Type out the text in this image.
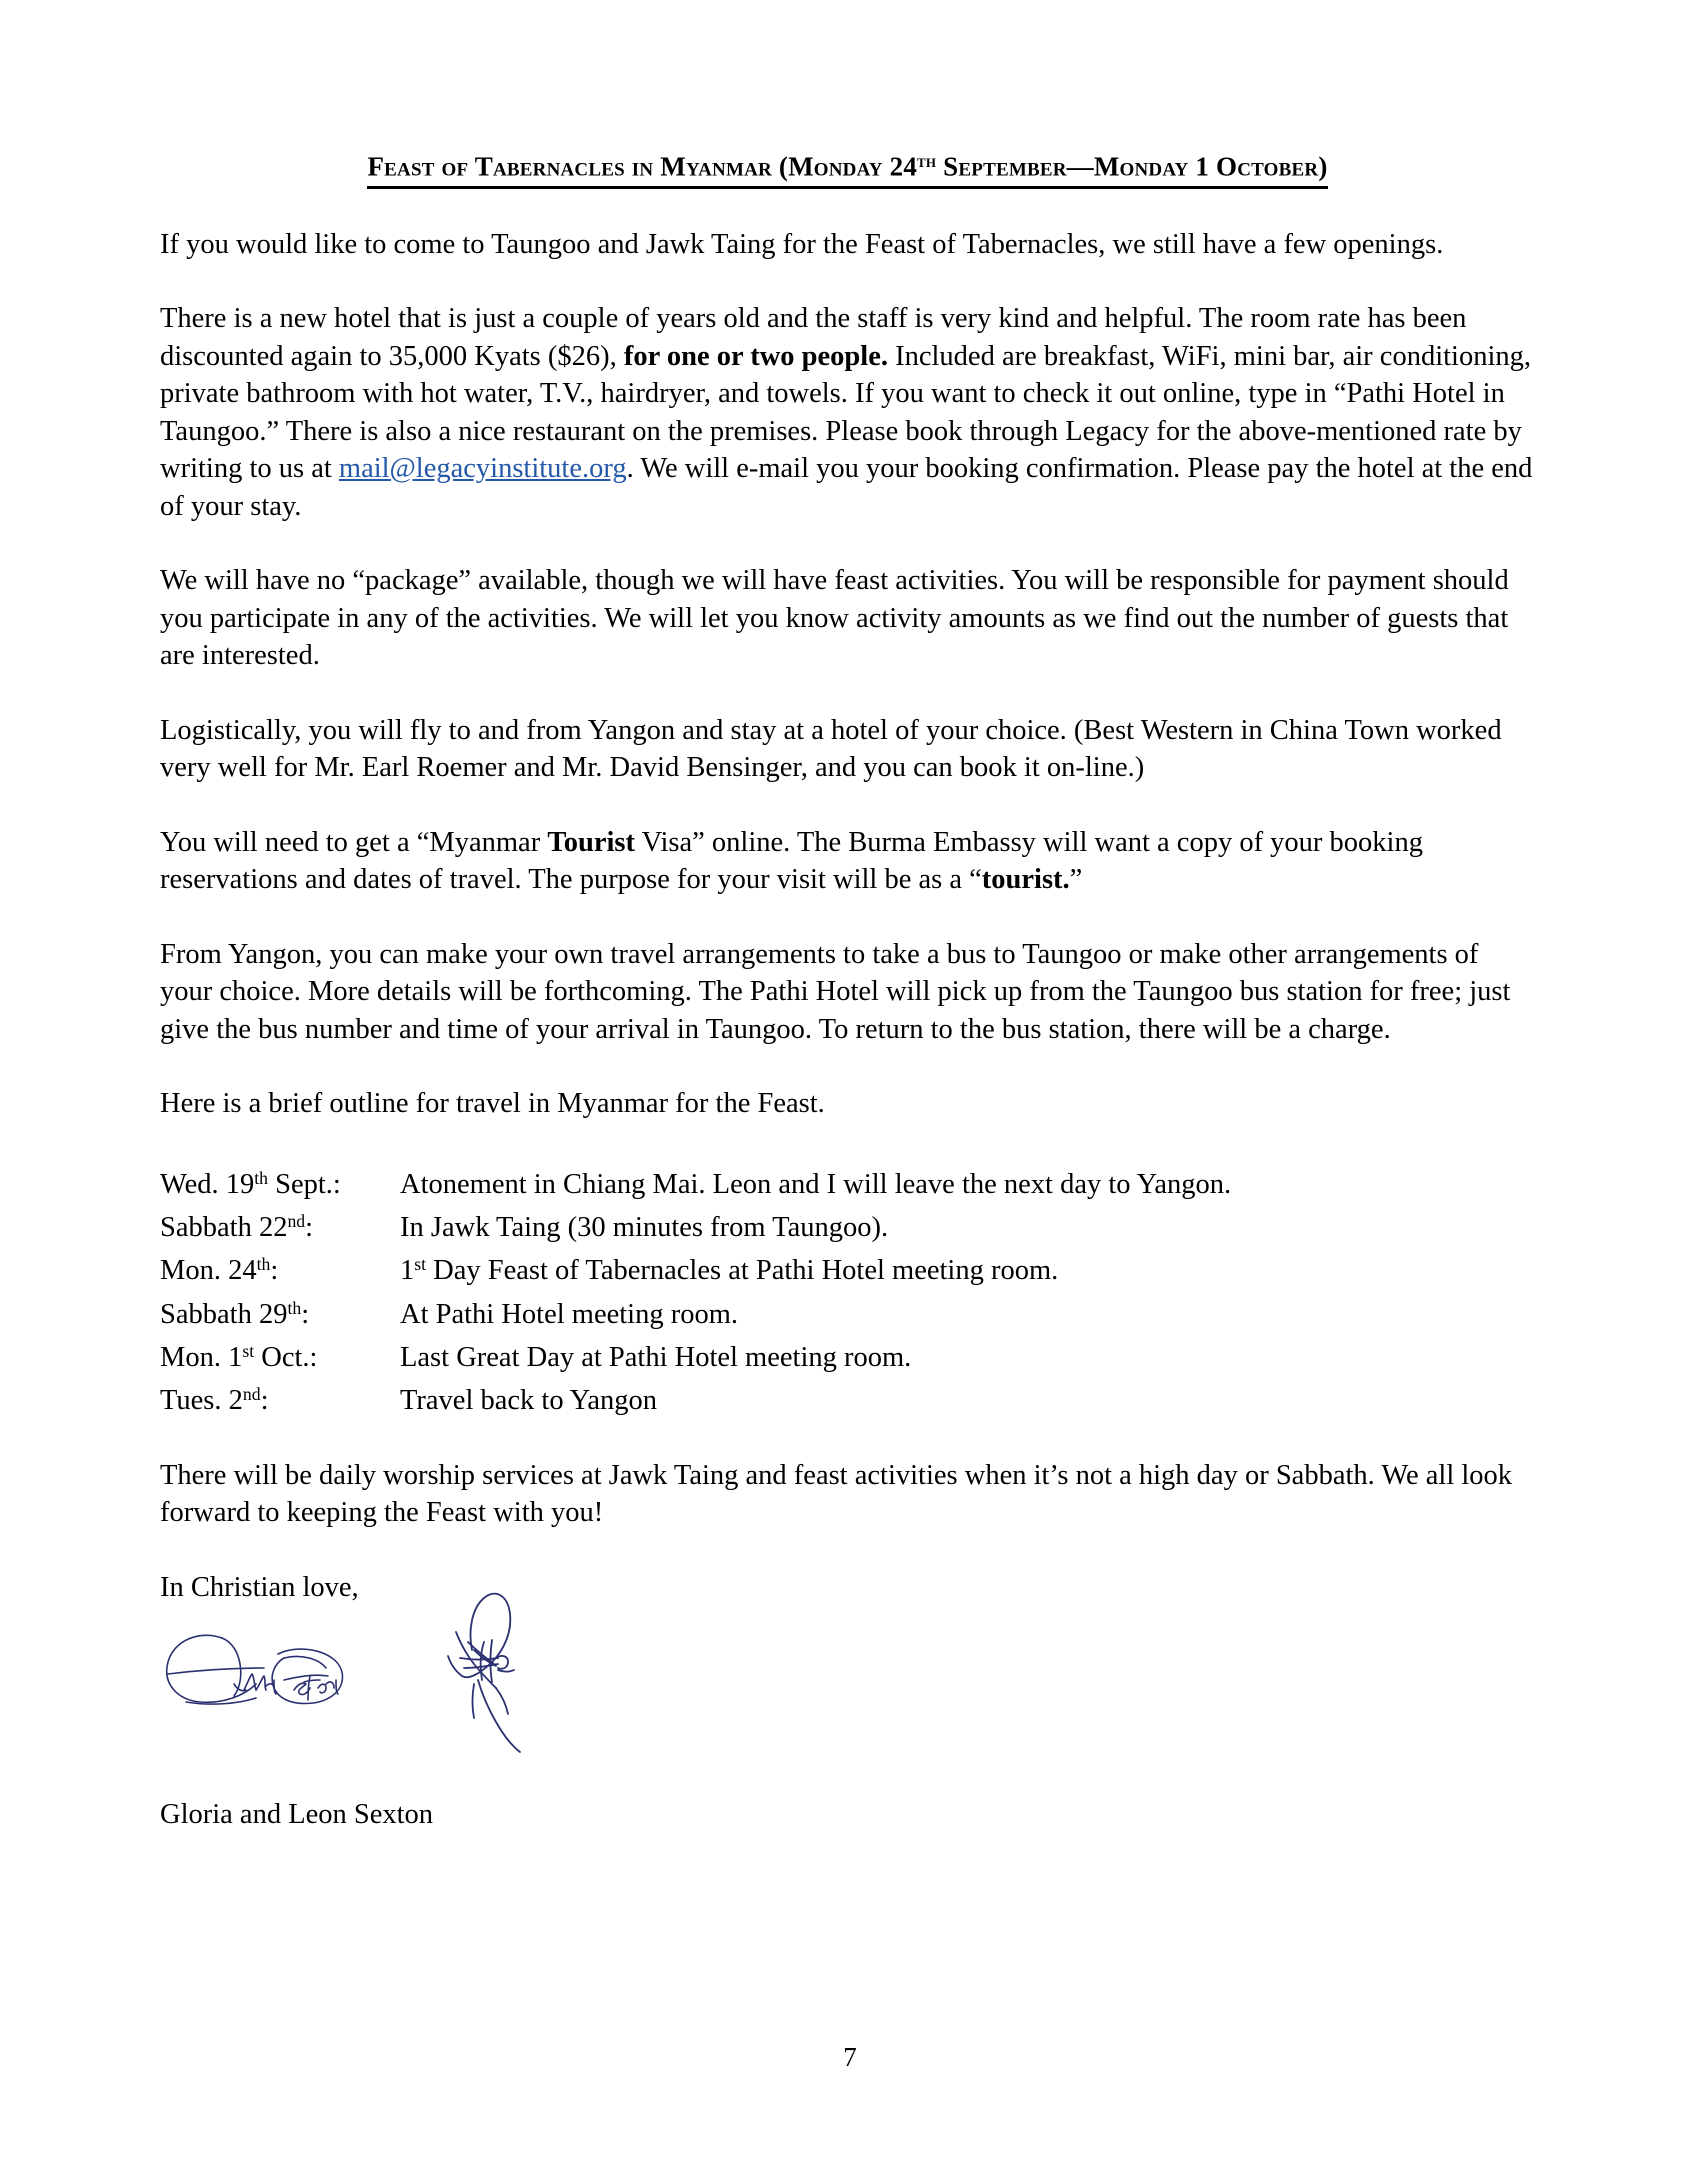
Feast of Tabernacles in Myanmar (Monday 24th September—Monday 1 October)

If you would like to come to Taungoo and Jawk Taing for the Feast of Tabernacles, we still have a few openings.

There is a new hotel that is just a couple of years old and the staff is very kind and helpful. The room rate has been discounted again to 35,000 Kyats ($26), for one or two people. Included are breakfast, WiFi, mini bar, air conditioning, private bathroom with hot water, T.V., hairdryer, and towels. If you want to check it out online, type in “Pathi Hotel in Taungoo.” There is also a nice restaurant on the premises. Please book through Legacy for the above-mentioned rate by writing to us at mail@legacyinstitute.org. We will e-mail you your booking confirmation. Please pay the hotel at the end of your stay.

We will have no “package” available, though we will have feast activities. You will be responsible for payment should you participate in any of the activities. We will let you know activity amounts as we find out the number of guests that are interested.

Logistically, you will fly to and from Yangon and stay at a hotel of your choice. (Best Western in China Town worked very well for Mr. Earl Roemer and Mr. David Bensinger, and you can book it on-line.)

You will need to get a “Myanmar Tourist Visa” online. The Burma Embassy will want a copy of your booking reservations and dates of travel. The purpose for your visit will be as a “tourist.”

From Yangon, you can make your own travel arrangements to take a bus to Taungoo or make other arrangements of your choice. More details will be forthcoming. The Pathi Hotel will pick up from the Taungoo bus station for free; just give the bus number and time of your arrival in Taungoo. To return to the bus station, there will be a charge.

Here is a brief outline for travel in Myanmar for the Feast.

Wed. 19th Sept.: Atonement in Chiang Mai. Leon and I will leave the next day to Yangon.
Sabbath 22nd:	In Jawk Taing (30 minutes from Taungoo).
Mon. 24th:	1st Day Feast of Tabernacles at Pathi Hotel meeting room.
Sabbath 29th:	At Pathi Hotel meeting room.
Mon. 1st Oct.:	Last Great Day at Pathi Hotel meeting room.
Tues. 2nd:	Travel back to Yangon

There will be daily worship services at Jawk Taing and feast activities when it’s not a high day or Sabbath. We all look forward to keeping the Feast with you!

In Christian love,

Gloria and Leon Sexton

7
